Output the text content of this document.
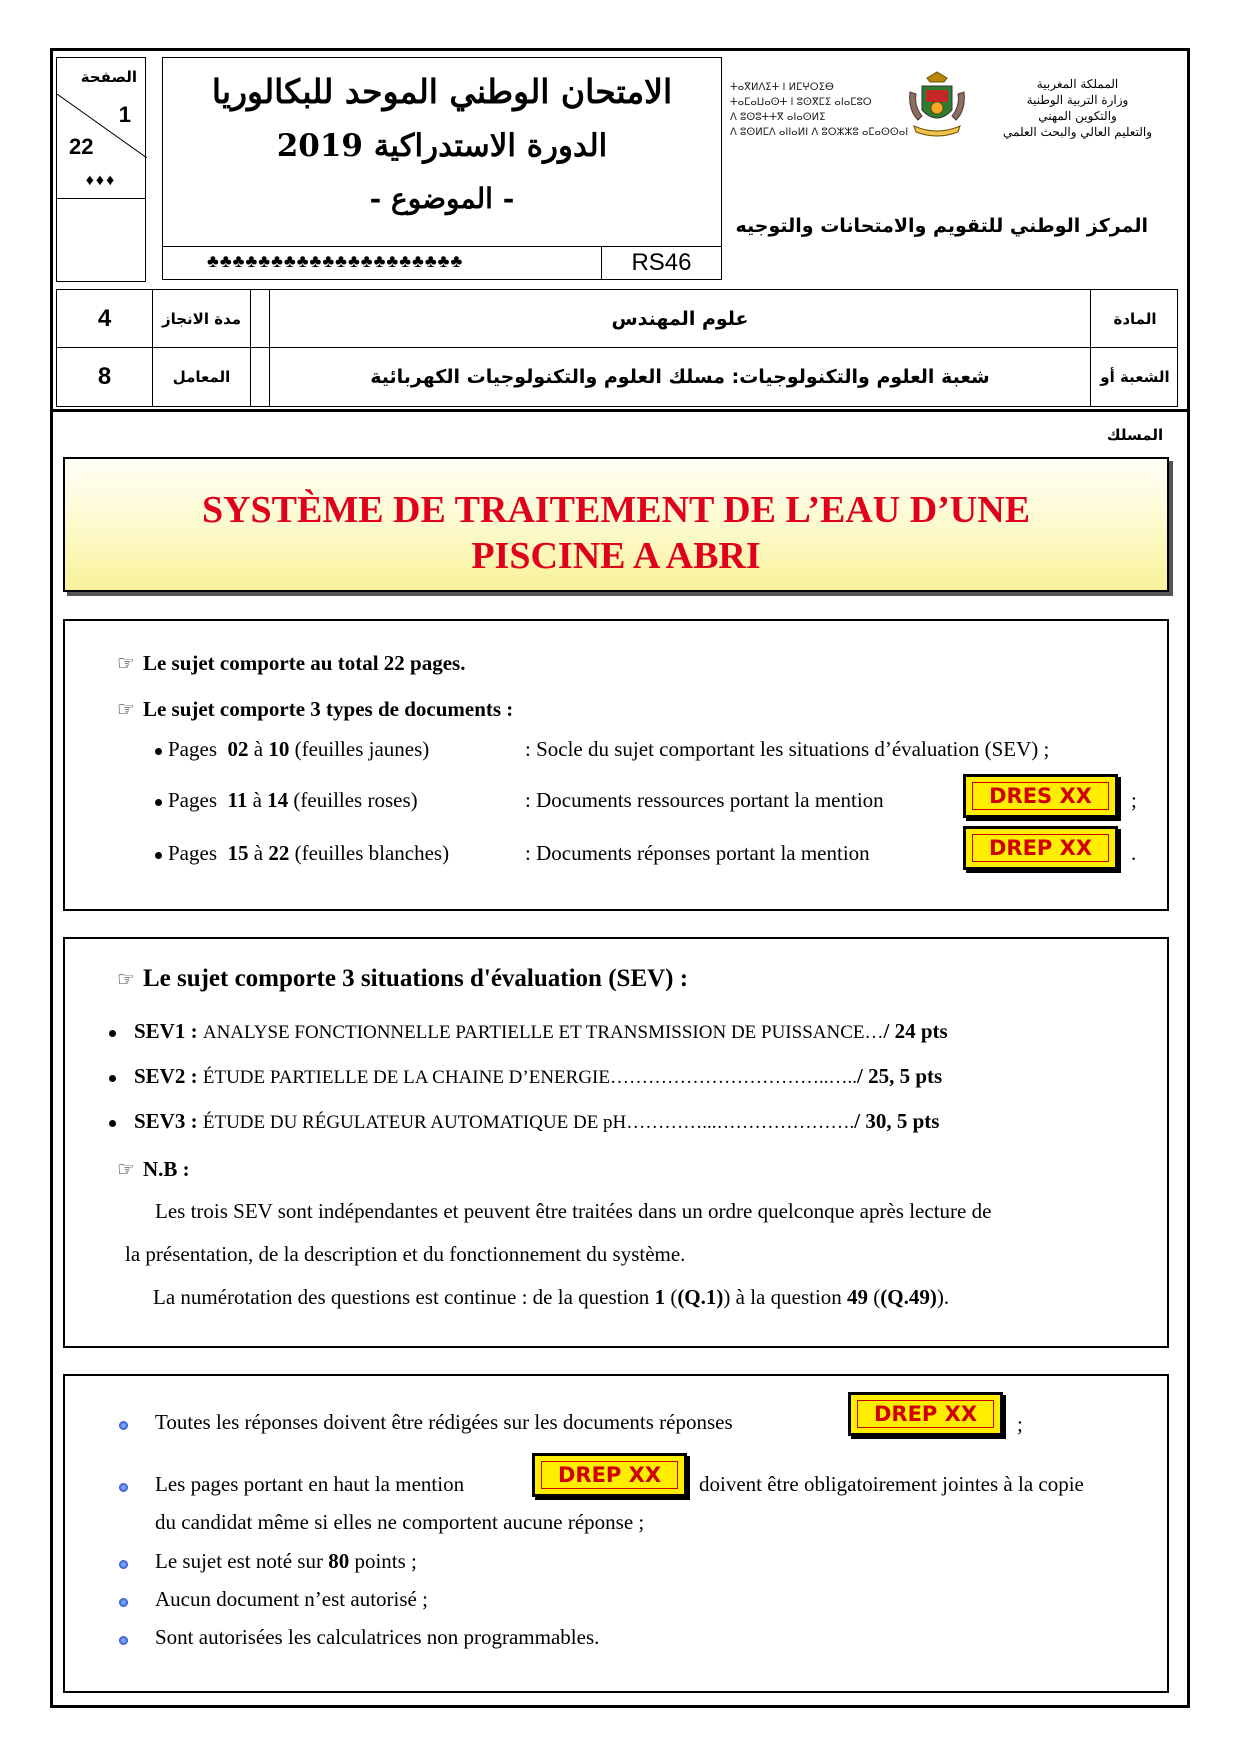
الصفحة
1
22
♦♦♦
الامتحان الوطني الموحد للبكالوريا
الدورة الاستدراكية 2019
- الموضوع -
♣♣♣♣♣♣♣♣♣♣♣♣♣♣♣♣♣♣♣♣	RS46
ⵜⴰⴳⵍⴷⵉⵜ ⵏ ⵍⵎⵖⵔⵉⴱ
ⵜⴰⵎⴰⵡⴰⵙⵜ ⵏ ⵓⵙⴳⵎⵉ ⴰⵏⴰⵎⵓⵔ
ⴷ ⵓⵙⵓⵜⵜⴳ ⴰⵏⴰⵙⵍⵉ
ⴷ ⵓⵙⵍⵎⴷ ⴰⵏⵏⴰⵍⵏ ⴷ ⵓⵔⵣⵣⵓ ⴰⵎⴰⵙⵙⴰⵏ
المملكة المغربية
وزارة التربية الوطنية
والتكوين المهني
والتعليم العالي والبحث العلمي
المركز الوطني للتقويم والامتحانات والتوجيه
4	مدة الانجاز	علوم المهندس	المادة
8	المعامل	شعبة العلوم والتكنولوجيات: مسلك العلوم والتكنولوجيات الكهربائية	الشعبة أو المسلك
SYSTÈME DE TRAITEMENT DE L’EAU D’UNE
PISCINE A ABRI
☞ Le sujet comporte au total 22 pages.
☞ Le sujet comporte 3 types de documents :
Pages 02 à 10 (feuilles jaunes)	: Socle du sujet comportant les situations d’évaluation (SEV) ;
Pages 11 à 14 (feuilles roses)	: Documents ressources portant la mention	DRES XX	;
Pages 15 à 22 (feuilles blanches)	: Documents réponses portant la mention	DREP XX	.
☞ Le sujet comporte 3 situations d'évaluation (SEV) :
SEV1 : ANALYSE FONCTIONNELLE PARTIELLE ET TRANSMISSION DE PUISSANCE…/ 24 pts
SEV2 : ÉTUDE PARTIELLE DE LA CHAINE D’ENERGIE……………………………..…../ 25, 5 pts
SEV3 : ÉTUDE DU RÉGULATEUR AUTOMATIQUE DE pH…………...…………………./ 30, 5 pts
☞ N.B :
Les trois SEV sont indépendantes et peuvent être traitées dans un ordre quelconque après lecture de
la présentation, de la description et du fonctionnement du système.
La numérotation des questions est continue : de la question 1 ((Q.1)) à la question 49 ((Q.49)).
Toutes les réponses doivent être rédigées sur les documents réponses	DREP XX	;
Les pages portant en haut la mention	DREP XX	doivent être obligatoirement jointes à la copie
du candidat même si elles ne comportent aucune réponse ;
Le sujet est noté sur 80 points ;
Aucun document n’est autorisé ;
Sont autorisées les calculatrices non programmables.
